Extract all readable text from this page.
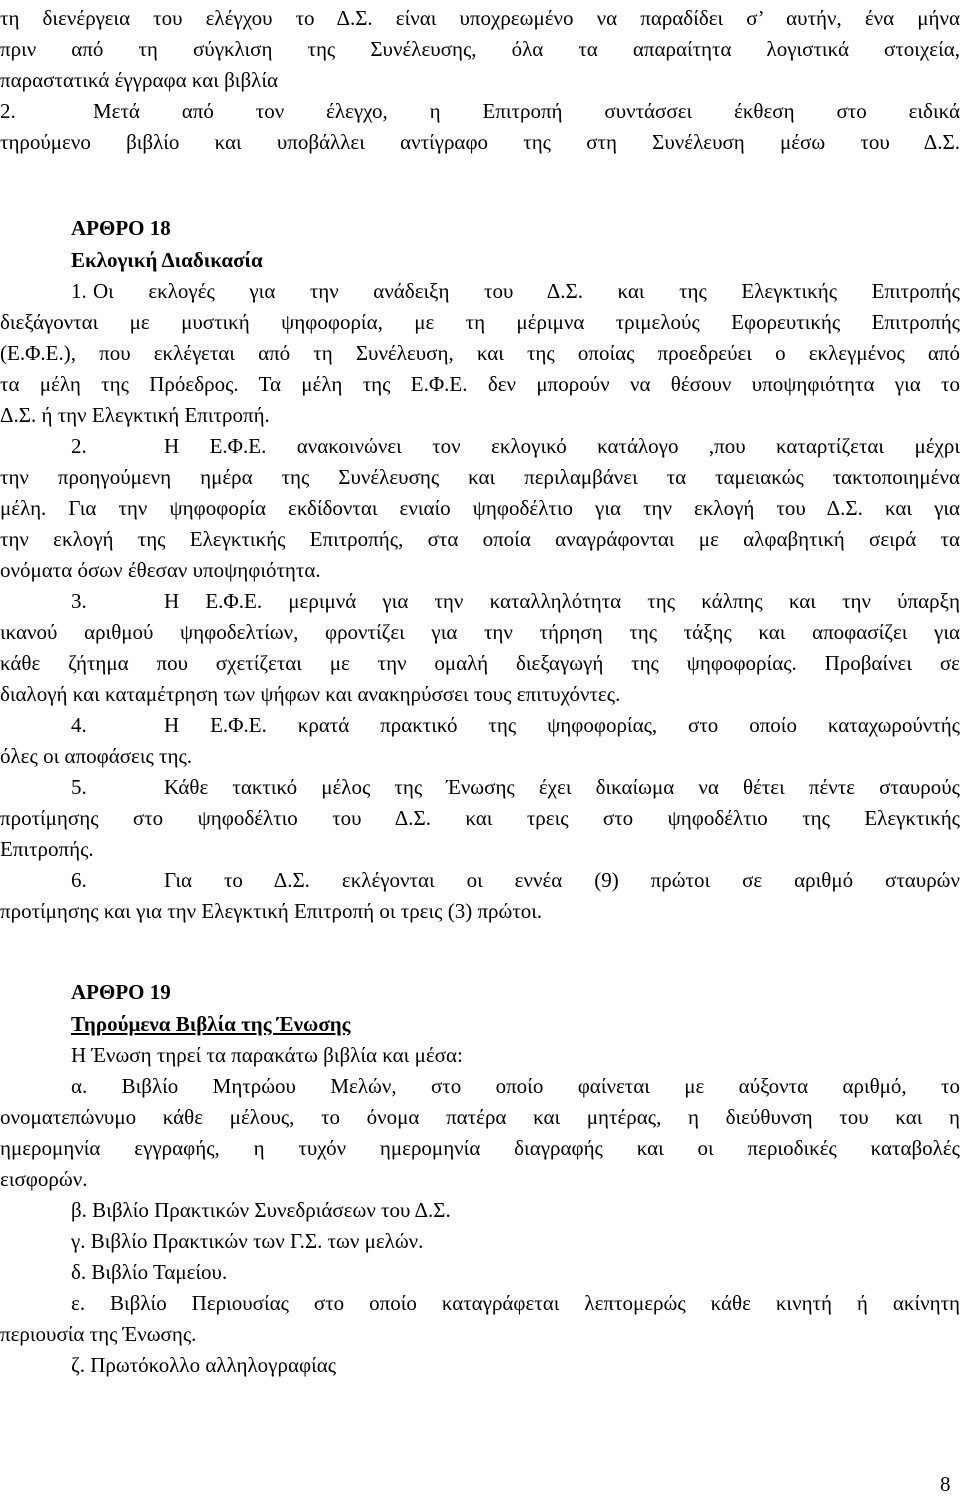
τη διενέργεια του ελέγχου το Δ.Σ. είναι υποχρεωμένο να παραδίδει σ’ αυτήν, ένα μήνα
πριν από τη σύγκλιση της Συνέλευσης, όλα τα απαραίτητα λογιστικά στοιχεία,
παραστατικά έγγραφα και βιβλία
2.	Μετά από τον έλεγχο, η Επιτροπή συντάσσει έκθεση στο ειδικά
τηρούμενο βιβλίο και υποβάλλει αντίγραφο της στη Συνέλευση μέσω του Δ.Σ.
ΑΡΘΡΟ 18
Εκλογική Διαδικασία
1. Οι εκλογές για την ανάδειξη του Δ.Σ. και της Ελεγκτικής Επιτροπής
διεξάγονται με μυστική ψηφοφορία, με τη μέριμνα τριμελούς Εφορευτικής Επιτροπής
(Ε.Φ.Ε.), που εκλέγεται από τη Συνέλευση, και της οποίας προεδρεύει ο εκλεγμένος από
τα μέλη της Πρόεδρος. Τα μέλη της Ε.Φ.Ε. δεν μπορούν να θέσουν υποψηφιότητα για το
Δ.Σ. ή την Ελεγκτική Επιτροπή.
2.	Η Ε.Φ.Ε. ανακοινώνει τον εκλογικό κατάλογο ,που καταρτίζεται μέχρι
την προηγούμενη ημέρα της Συνέλευσης και περιλαμβάνει τα ταμειακώς τακτοποιημένα
μέλη. Για την ψηφοφορία εκδίδονται ενιαίο ψηφοδέλτιο για την εκλογή του Δ.Σ. και για
την εκλογή της Ελεγκτικής Επιτροπής, στα οποία αναγράφονται με αλφαβητική σειρά τα
ονόματα όσων έθεσαν υποψηφιότητα.
3.	Η Ε.Φ.Ε. μεριμνά για την καταλληλότητα της κάλπης και την ύπαρξη
ικανού αριθμού ψηφοδελτίων, φροντίζει για την τήρηση της τάξης και αποφασίζει για
κάθε ζήτημα που σχετίζεται με την ομαλή διεξαγωγή της ψηφοφορίας. Προβαίνει σε
διαλογή και καταμέτρηση των ψήφων και ανακηρύσσει τους επιτυχόντες.
4.	Η Ε.Φ.Ε. κρατά πρακτικό της ψηφοφορίας, στο οποίο καταχωρούντής
όλες οι αποφάσεις της.
5.	Κάθε τακτικό μέλος της Ένωσης έχει δικαίωμα να θέτει πέντε σταυρούς
προτίμησης στο ψηφοδέλτιο του Δ.Σ. και τρεις στο ψηφοδέλτιο της Ελεγκτικής
Επιτροπής.
6.	Για το Δ.Σ. εκλέγονται οι εννέα (9) πρώτοι σε αριθμό σταυρών
προτίμησης και για την Ελεγκτική Επιτροπή οι τρεις (3) πρώτοι.
ΑΡΘΡΟ 19
Τηρούμενα Βιβλία της Ένωσης
Η Ένωση τηρεί τα παρακάτω βιβλία και μέσα:
α. Βιβλίο Μητρώου Μελών, στο οποίο φαίνεται με αύξοντα αριθμό, το
ονοματεπώνυμο κάθε μέλους, το όνομα πατέρα και μητέρας, η διεύθυνση του και η
ημερομηνία εγγραφής, η τυχόν ημερομηνία διαγραφής και οι περιοδικές καταβολές
εισφορών.
β. Βιβλίο Πρακτικών Συνεδριάσεων του Δ.Σ.
γ. Βιβλίο Πρακτικών των Γ.Σ. των μελών.
δ. Βιβλίο Ταμείου.
ε. Βιβλίο Περιουσίας στο οποίο καταγράφεται λεπτομερώς κάθε κινητή ή ακίνητη
περιουσία της Ένωσης.
ζ. Πρωτόκολλο αλληλογραφίας
8
